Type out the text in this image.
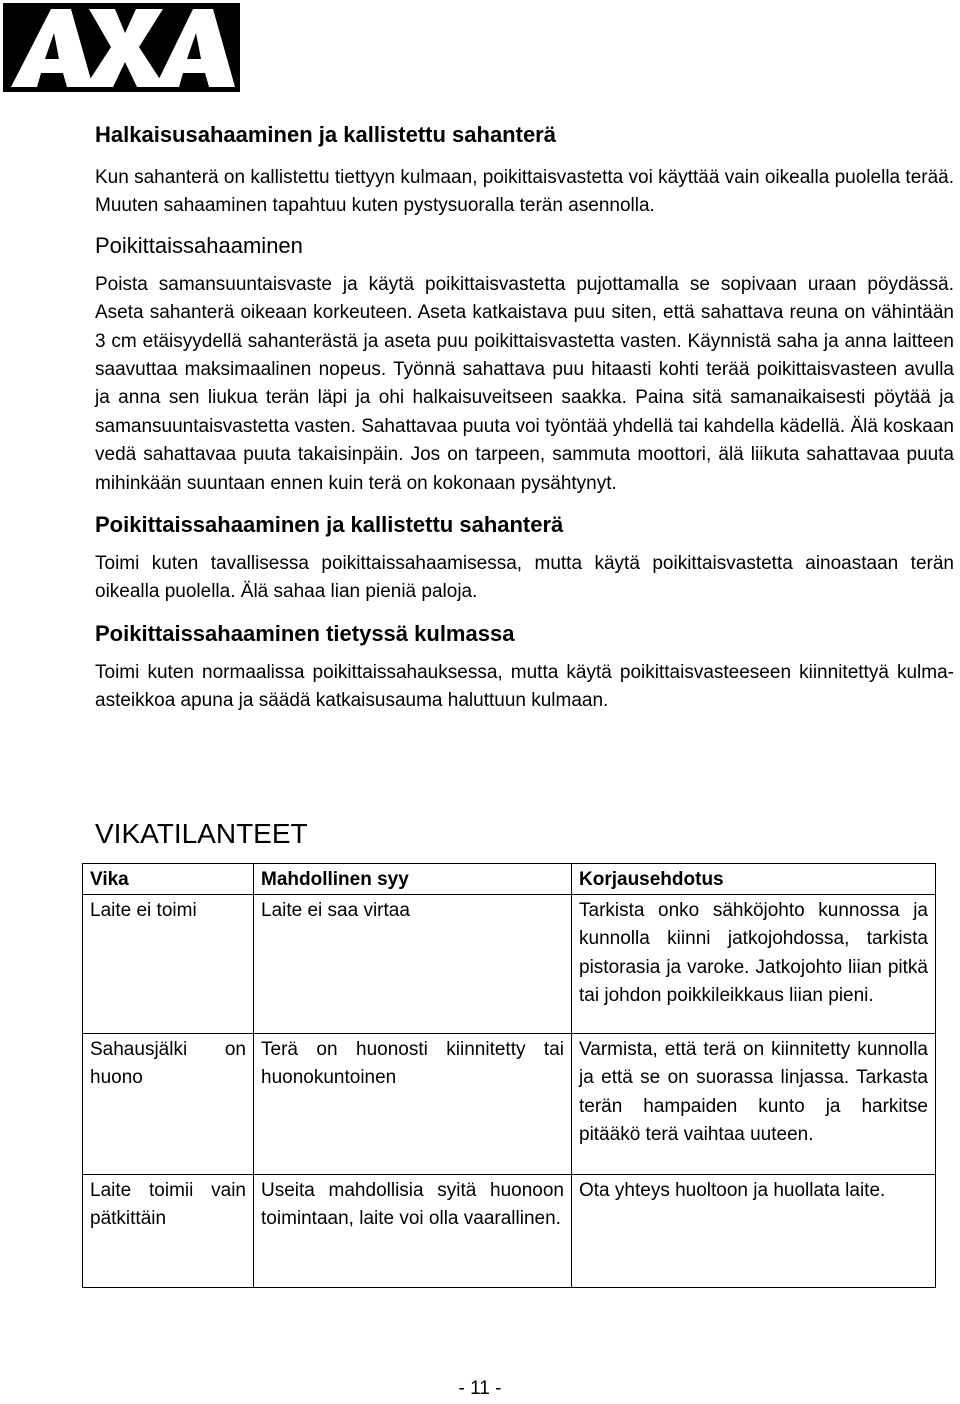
Halkaisusahaaminen ja kallistettu sahanterä

Kun sahanterä on kallistettu tiettyyn kulmaan, poikittaisvastetta voi käyttää vain oikealla puolella terää. Muuten sahaaminen tapahtuu kuten pystysuoralla terän asennolla.

Poikittaissahaaminen

Poista samansuuntaisvaste ja käytä poikittaisvastetta pujottamalla se sopivaan uraan pöydässä. Aseta sahanterä oikeaan korkeuteen. Aseta katkaistava puu siten, että sahattava reuna on vähintään 3 cm etäisyydellä sahanterästä ja aseta puu poikittaisvastetta vasten. Käynnistä saha ja anna laitteen saavuttaa maksimaalinen nopeus. Työnnä sahattava puu hitaasti kohti terää poikittaisvasteen avulla ja anna sen liukua terän läpi ja ohi halkaisuveitseen saakka. Paina sitä samanaikaisesti pöytää ja samansuuntaisvastetta vasten. Sahattavaa puuta voi työntää yhdellä tai kahdella kädellä. Älä koskaan vedä sahattavaa puuta takaisinpäin. Jos on tarpeen, sammuta moottori, älä liikuta sahattavaa puuta mihinkään suuntaan ennen kuin terä on kokonaan pysähtynyt.

Poikittaissahaaminen ja kallistettu sahanterä

Toimi kuten tavallisessa poikittaissahaamisessa, mutta käytä poikittaisvastetta ainoastaan terän oikealla puolella. Älä sahaa lian pieniä paloja.

Poikittaissahaaminen tietyssä kulmassa

Toimi kuten normaalissa poikittaissahauksessa, mutta käytä poikittaisvasteeseen kiinnitettyä kulma-asteikkoa apuna ja säädä katkaisusauma haluttuun kulmaan.

VIKATILANTEET
Vika	Mahdollinen syy	Korjausehdotus
Laite ei toimi	Laite ei saa virtaa	Tarkista onko sähköjohto kunnossa ja kunnolla kiinni jatkojohdossa, tarkista pistorasia ja varoke. Jatkojohto liian pitkä tai johdon poikkileikkaus liian pieni.
Sahausjälki on huono	Terä on huonosti kiinnitetty tai huonokuntoinen	Varmista, että terä on kiinnitetty kunnolla ja että se on suorassa linjassa. Tarkasta terän hampaiden kunto ja harkitse pitääkö terä vaihtaa uuteen.
Laite toimii vain pätkittäin	Useita mahdollisia syitä huonoon toimintaan, laite voi olla vaarallinen.	Ota yhteys huoltoon ja huollata laite.
- 11 -
